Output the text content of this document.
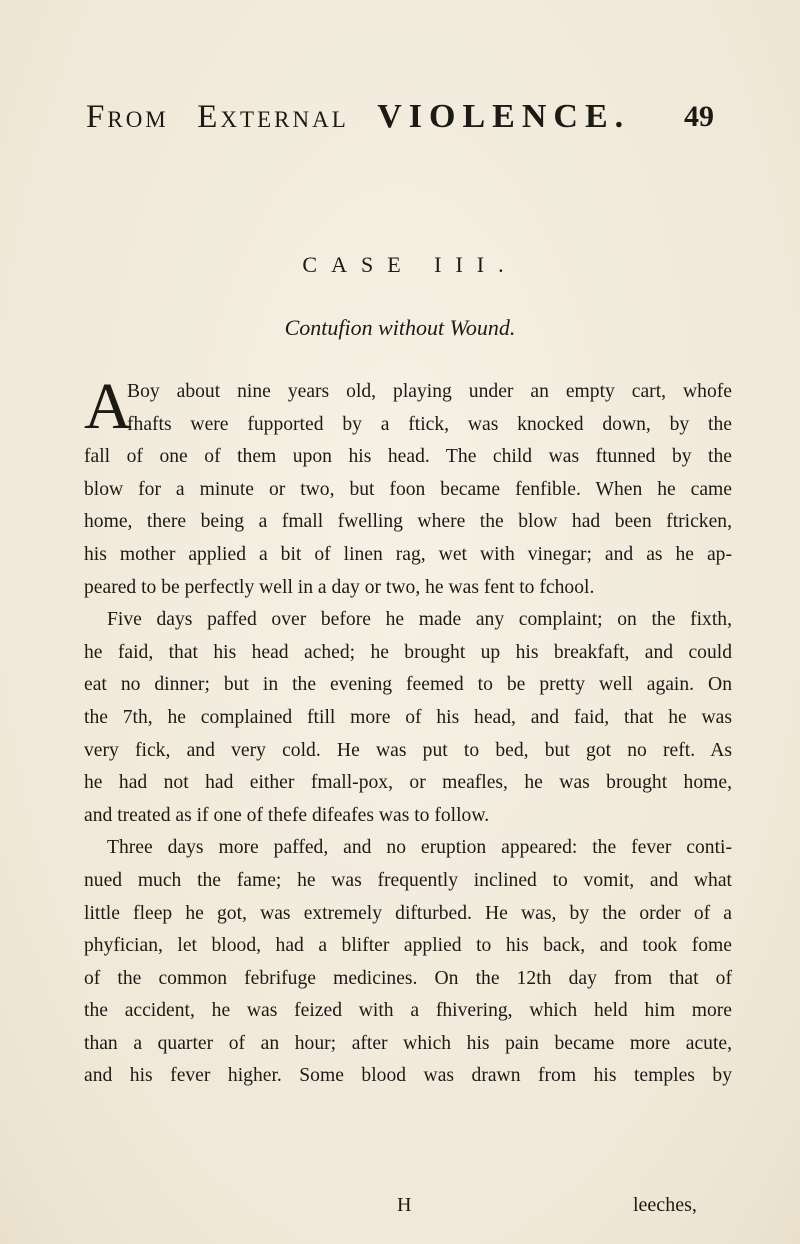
From External VIOLENCE. 49
CASE III.
Contufion without Wound.
A
Boy about nine years old, playing under an empty cart, whofe
fhafts were fupported by a ftick, was knocked down, by the
fall of one of them upon his head. The child was ftunned by the
blow for a minute or two, but foon became fenfible. When he came
home, there being a fmall fwelling where the blow had been ftricken,
his mother applied a bit of linen rag, wet with vinegar; and as he ap-
peared to be perfectly well in a day or two, he was fent to fchool.
Five days paffed over before he made any complaint; on the fixth,
he faid, that his head ached; he brought up his breakfaft, and could
eat no dinner; but in the evening feemed to be pretty well again. On
the 7th, he complained ftill more of his head, and faid, that he was
very fick, and very cold. He was put to bed, but got no reft. As
he had not had either fmall-pox, or meafles, he was brought home,
and treated as if one of thefe difeafes was to follow.
Three days more paffed, and no eruption appeared: the fever conti-
nued much the fame; he was frequently inclined to vomit, and what
little fleep he got, was extremely difturbed. He was, by the order of a
phyfician, let blood, had a blifter applied to his back, and took fome
of the common febrifuge medicines. On the 12th day from that of
the accident, he was feized with a fhivering, which held him more
than a quarter of an hour; after which his pain became more acute,
and his fever higher. Some blood was drawn from his temples by
H	leeches,
